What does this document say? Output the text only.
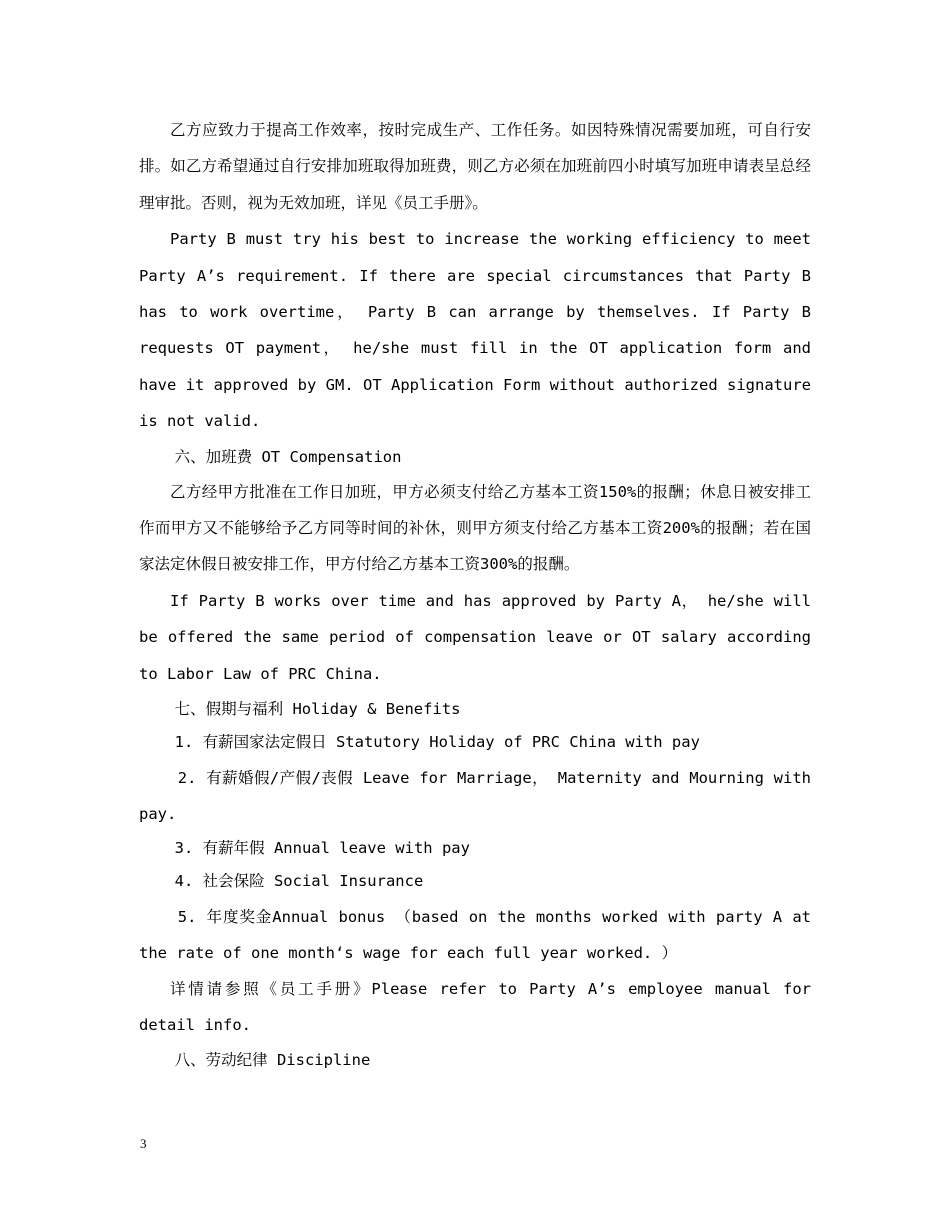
乙方应致力于提高工作效率，按时完成生产、工作任务。如因特殊情况需要加班，可自行安排。如乙方希望通过自行安排加班取得加班费，则乙方必须在加班前四小时填写加班申请表呈总经理审批。否则，视为无效加班，详见《员工手册》。

Party B must try his best to increase the working efficiency to meet Party A’s requirement. If there are special circumstances that Party B has to work overtime， Party B can arrange by themselves. If Party B requests OT payment， he/she must fill in the OT application form and have it approved by GM. OT Application Form without authorized signature is not valid.

六、加班费 OT Compensation

乙方经甲方批准在工作日加班，甲方必须支付给乙方基本工资150%的报酬；休息日被安排工作而甲方又不能够给予乙方同等时间的补休，则甲方须支付给乙方基本工资200%的报酬；若在国家法定休假日被安排工作，甲方付给乙方基本工资300%的报酬。

If Party B works over time and has approved by Party A， he/she will be offered the same period of compensation leave or OT salary according to Labor Law of PRC China.

七、假期与福利 Holiday & Benefits

1. 有薪国家法定假日 Statutory Holiday of PRC China with pay

2. 有薪婚假/产假/丧假 Leave for Marriage， Maternity and Mourning with pay.

3. 有薪年假 Annual leave with pay

4. 社会保险 Social Insurance

5. 年度奖金Annual bonus （based on the months worked with party A at the rate of one month‘s wage for each full year worked. ）

详情请参照《员工手册》Please refer to Party A’s employee manual for detail info.

八、劳动纪律 Discipline

3
